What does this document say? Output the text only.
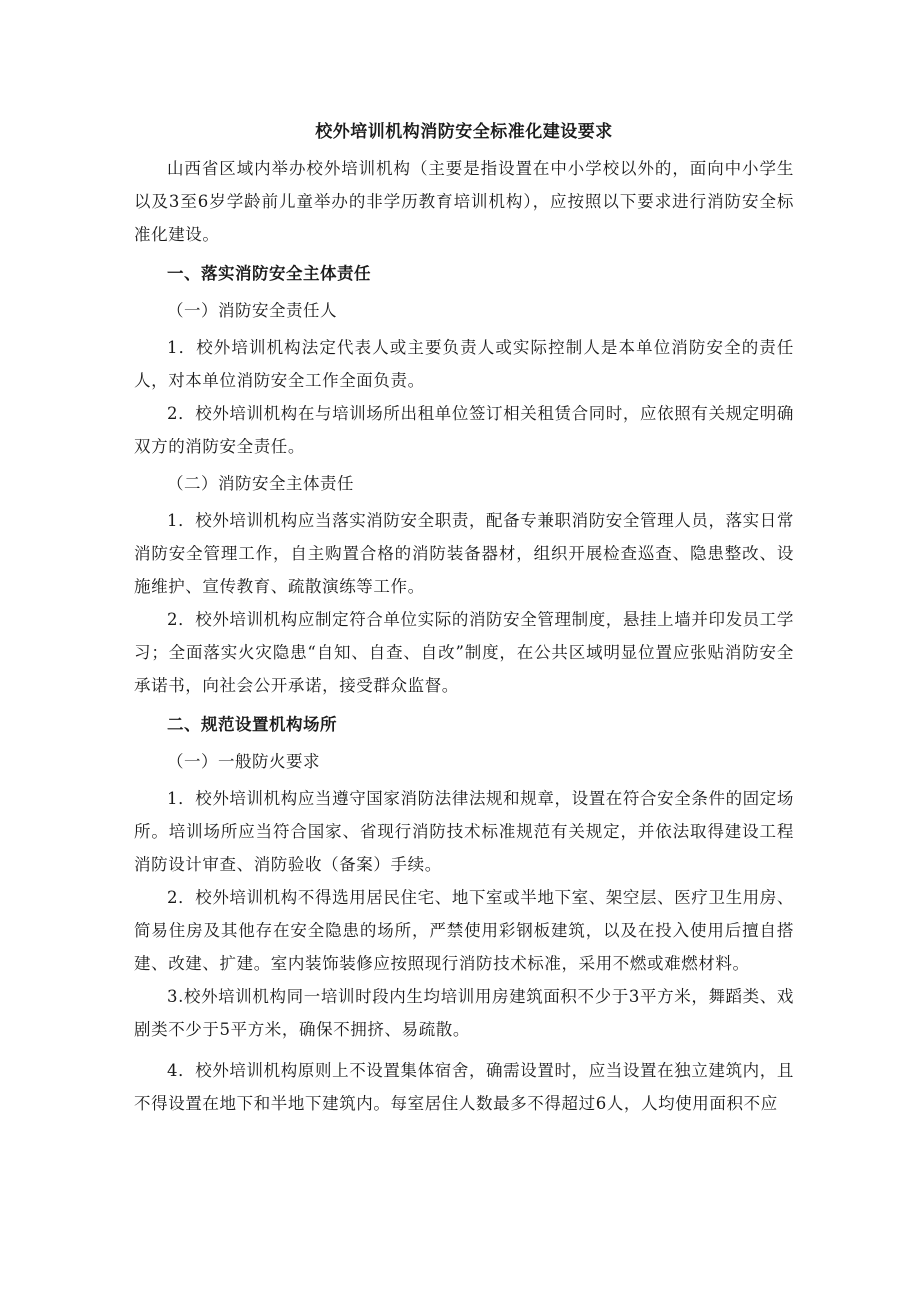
校外培训机构消防安全标准化建设要求

山西省区域内举办校外培训机构（主要是指设置在中小学校以外的，面向中小学生以及3至6岁学龄前儿童举办的非学历教育培训机构），应按照以下要求进行消防安全标准化建设。

一、落实消防安全主体责任
（一）消防安全责任人

1．校外培训机构法定代表人或主要负责人或实际控制人是本单位消防安全的责任人，对本单位消防安全工作全面负责。

2．校外培训机构在与培训场所出租单位签订相关租赁合同时，应依照有关规定明确双方的消防安全责任。

（二）消防安全主体责任

1．校外培训机构应当落实消防安全职责，配备专兼职消防安全管理人员，落实日常消防安全管理工作，自主购置合格的消防装备器材，组织开展检查巡查、隐患整改、设施维护、宣传教育、疏散演练等工作。

2．校外培训机构应制定符合单位实际的消防安全管理制度，悬挂上墙并印发员工学习；全面落实火灾隐患“自知、自查、自改”制度，在公共区域明显位置应张贴消防安全承诺书，向社会公开承诺，接受群众监督。

二、规范设置机构场所
（一）一般防火要求

1．校外培训机构应当遵守国家消防法律法规和规章，设置在符合安全条件的固定场所。培训场所应当符合国家、省现行消防技术标准规范有关规定，并依法取得建设工程消防设计审查、消防验收（备案）手续。

2．校外培训机构不得选用居民住宅、地下室或半地下室、架空层、医疗卫生用房、简易住房及其他存在安全隐患的场所，严禁使用彩钢板建筑，以及在投入使用后擅自搭建、改建、扩建。室内装饰装修应按照现行消防技术标准，采用不燃或难燃材料。

3.校外培训机构同一培训时段内生均培训用房建筑面积不少于3平方米，舞蹈类、戏剧类不少于5平方米，确保不拥挤、易疏散。

4．校外培训机构原则上不设置集体宿舍，确需设置时，应当设置在独立建筑内，且不得设置在地下和半地下建筑内。每室居住人数最多不得超过6人，人均使用面积不应
